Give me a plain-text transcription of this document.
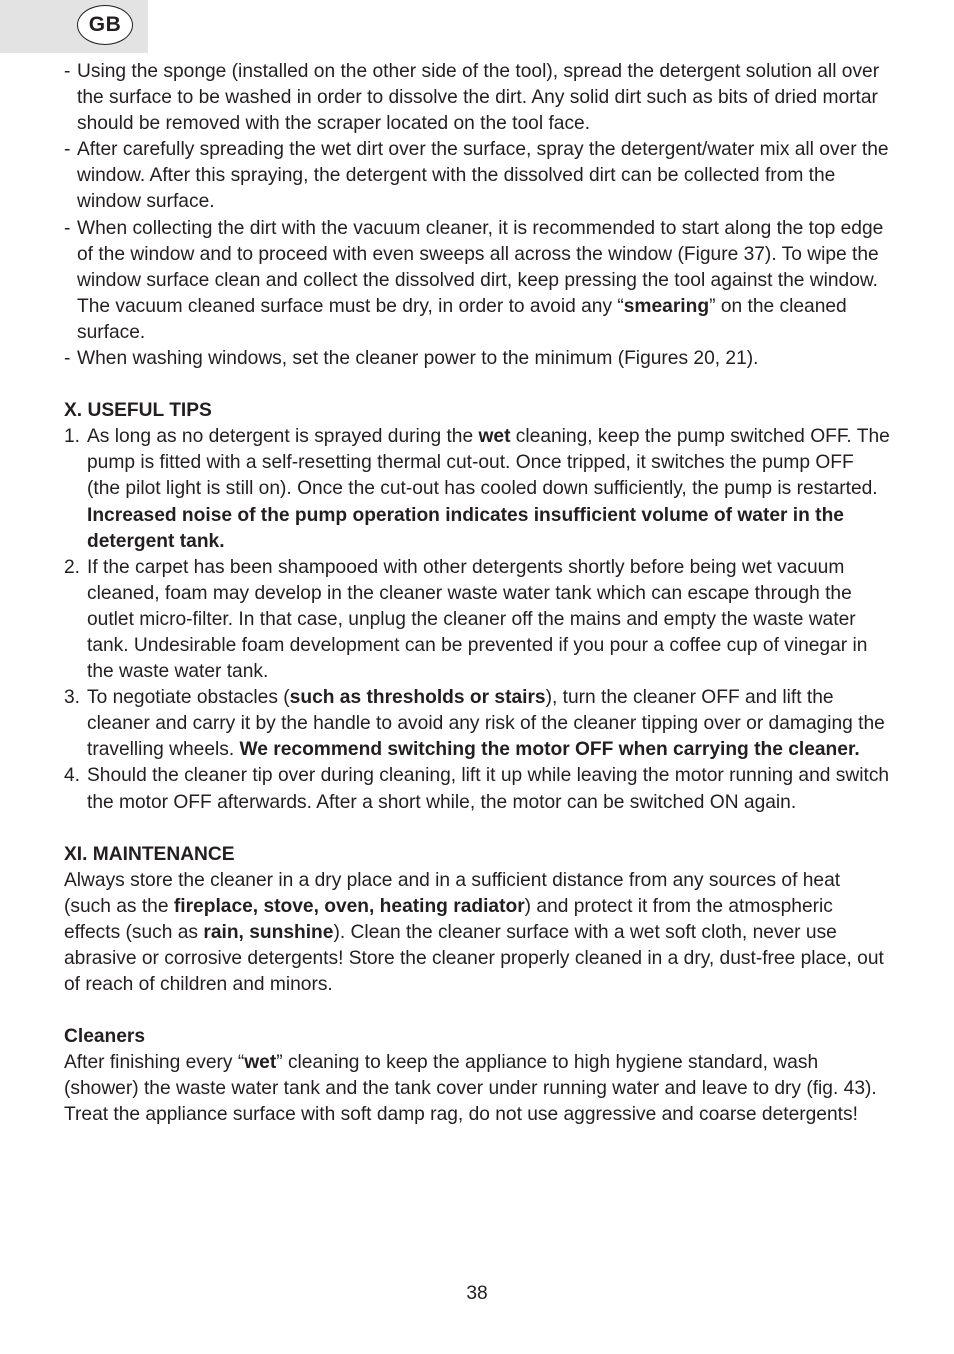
GB
- Using the sponge (installed on the other side of the tool), spread the detergent solution all over the surface to be washed in order to dissolve the dirt. Any solid dirt such as bits of dried mortar should be removed with the scraper located on the tool face.
- After carefully spreading the wet dirt over the surface, spray the detergent/water mix all over the window. After this spraying, the detergent with the dissolved dirt can be collected from the window surface.
- When collecting the dirt with the vacuum cleaner, it is recommended to start along the top edge of the window and to proceed with even sweeps all across the window (Figure 37). To wipe the window surface clean and collect the dissolved dirt, keep pressing the tool against the window. The vacuum cleaned surface must be dry, in order to avoid any “smearing” on the cleaned surface.
- When washing windows, set the cleaner power to the minimum (Figures 20, 21).
X. USEFUL TIPS
1. As long as no detergent is sprayed during the wet cleaning, keep the pump switched OFF. The pump is fitted with a self-resetting thermal cut-out. Once tripped, it switches the pump OFF (the pilot light is still on). Once the cut-out has cooled down sufficiently, the pump is restarted. Increased noise of the pump operation indicates insufficient volume of water in the detergent tank.
2. If the carpet has been shampooed with other detergents shortly before being wet vacuum cleaned, foam may develop in the cleaner waste water tank which can escape through the outlet micro-filter. In that case, unplug the cleaner off the mains and empty the waste water tank. Undesirable foam development can be prevented if you pour a coffee cup of vinegar in the waste water tank.
3. To negotiate obstacles (such as thresholds or stairs), turn the cleaner OFF and lift the cleaner and carry it by the handle to avoid any risk of the cleaner tipping over or damaging the travelling wheels. We recommend switching the motor OFF when carrying the cleaner.
4. Should the cleaner tip over during cleaning, lift it up while leaving the motor running and switch the motor OFF afterwards. After a short while, the motor can be switched ON again.
XI. MAINTENANCE
Always store the cleaner in a dry place and in a sufficient distance from any sources of heat (such as the fireplace, stove, oven, heating radiator) and protect it from the atmospheric effects (such as rain, sunshine). Clean the cleaner surface with a wet soft cloth, never use abrasive or corrosive detergents! Store the cleaner properly cleaned in a dry, dust-free place, out of reach of children and minors.
Cleaners
After finishing every “wet” cleaning to keep the appliance to high hygiene standard, wash (shower) the waste water tank and the tank cover under running water and leave to dry (fig. 43). Treat the appliance surface with soft damp rag, do not use aggressive and coarse detergents!
38
